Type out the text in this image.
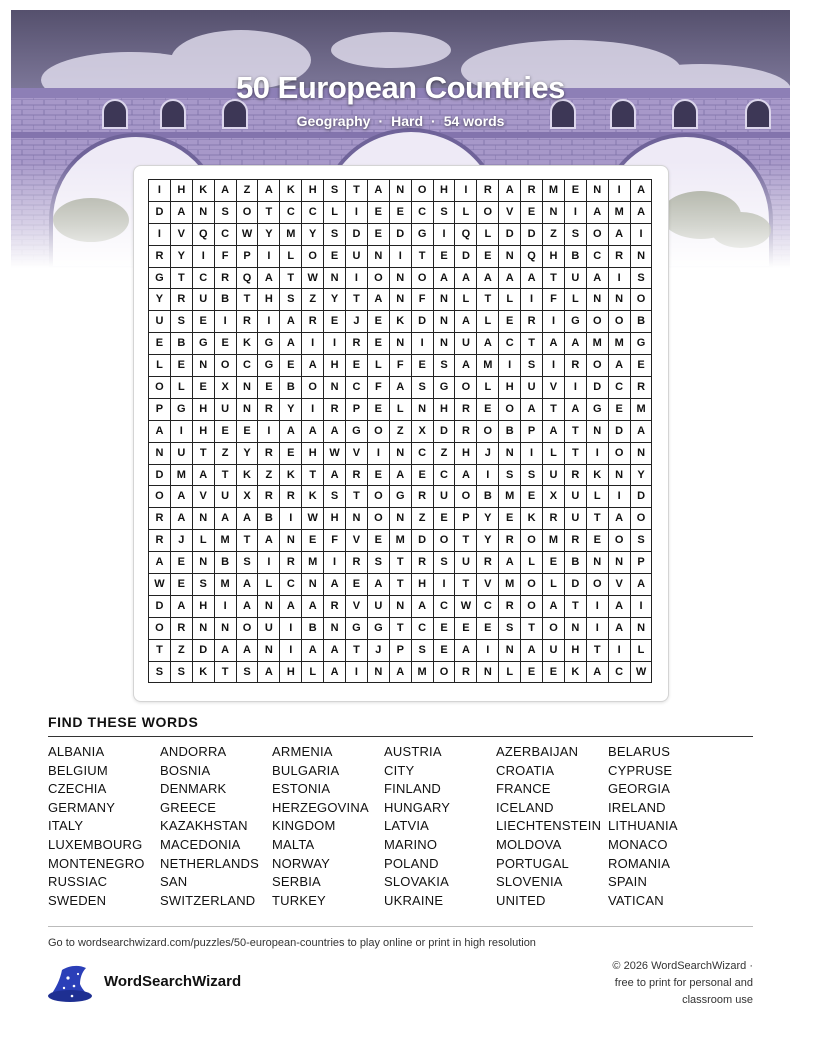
50 European Countries
Geography · Hard · 54 words
I	H	K	A	Z	A	K	H	S	T	A	N	O	H	I	R	A	R	M	E	N	I	A
D	A	N	S	O	T	C	C	L	I	E	E	C	S	L	O	V	E	N	I	A	M	A
I	V	Q	C	W	Y	M	Y	S	D	E	D	G	I	Q	L	D	D	Z	S	O	A	I
R	Y	I	F	P	I	L	O	E	U	N	I	T	E	D	E	N	Q	H	B	C	R	N
G	T	C	R	Q	A	T	W	N	I	O	N	O	A	A	A	A	A	T	U	A	I	S
Y	R	U	B	T	H	S	Z	Y	T	A	N	F	N	L	T	L	I	F	L	N	N	O
U	S	E	I	R	I	A	R	E	J	E	K	D	N	A	L	E	R	I	G	O	O	B
E	B	G	E	K	G	A	I	I	R	E	N	I	N	U	A	C	T	A	A	M	M	G
L	E	N	O	C	G	E	A	H	E	L	F	E	S	A	M	I	S	I	R	O	A	E
O	L	E	X	N	E	B	O	N	C	F	A	S	G	O	L	H	U	V	I	D	C	R
P	G	H	U	N	R	Y	I	R	P	E	L	N	H	R	E	O	A	T	A	G	E	M
A	I	H	E	E	I	A	A	A	G	O	Z	X	D	R	O	B	P	A	T	N	D	A
N	U	T	Z	Y	R	E	H	W	V	I	N	C	Z	H	J	N	I	L	T	I	O	N
D	M	A	T	K	Z	K	T	A	R	E	A	E	C	A	I	S	S	U	R	K	N	Y
O	A	V	U	X	R	R	K	S	T	O	G	R	U	O	B	M	E	X	U	L	I	D
R	A	N	A	A	B	I	W	H	N	O	N	Z	E	P	Y	E	K	R	U	T	A	O
R	J	L	M	T	A	N	E	F	V	E	M	D	O	T	Y	R	O	M	R	E	O	S
A	E	N	B	S	I	R	M	I	R	S	T	R	S	U	R	A	L	E	B	N	N	P
W	E	S	M	A	L	C	N	A	E	A	T	H	I	T	V	M	O	L	D	O	V	A
D	A	H	I	A	N	A	A	R	V	U	N	A	C	W	C	R	O	A	T	I	A	I
O	R	N	N	O	U	I	B	N	G	G	T	C	E	E	E	S	T	O	N	I	A	N
T	Z	D	A	A	N	I	A	A	T	J	P	S	E	A	I	N	A	U	H	T	I	L
S	S	K	T	S	A	H	L	A	I	N	A	M	O	R	N	L	E	E	K	A	C	W
FIND THESE WORDS
ALBANIA	ANDORRA	ARMENIA	AUSTRIA	AZERBAIJAN	BELARUS
BELGIUM	BOSNIA	BULGARIA	CITY	CROATIA	CYPRUSE
CZECHIA	DENMARK	ESTONIA	FINLAND	FRANCE	GEORGIA
GERMANY	GREECE	HERZEGOVINA	HUNGARY	ICELAND	IRELAND
ITALY	KAZAKHSTAN	KINGDOM	LATVIA	LIECHTENSTEIN LITHUANIA
LUXEMBOURG	MACEDONIA	MALTA	MARINO	MOLDOVA	MONACO
MONTENEGRO	NETHERLANDS	NORWAY	POLAND	PORTUGAL	ROMANIA
RUSSIAC	SAN	SERBIA	SLOVAKIA	SLOVENIA	SPAIN
SWEDEN	SWITZERLAND	TURKEY	UKRAINE	UNITED	VATICAN
Go to wordsearchwizard.com/puzzles/50-european-countries to play online or print in high resolution
WordSearchWizard
© 2026 WordSearchWizard ·
free to print for personal and
classroom use
